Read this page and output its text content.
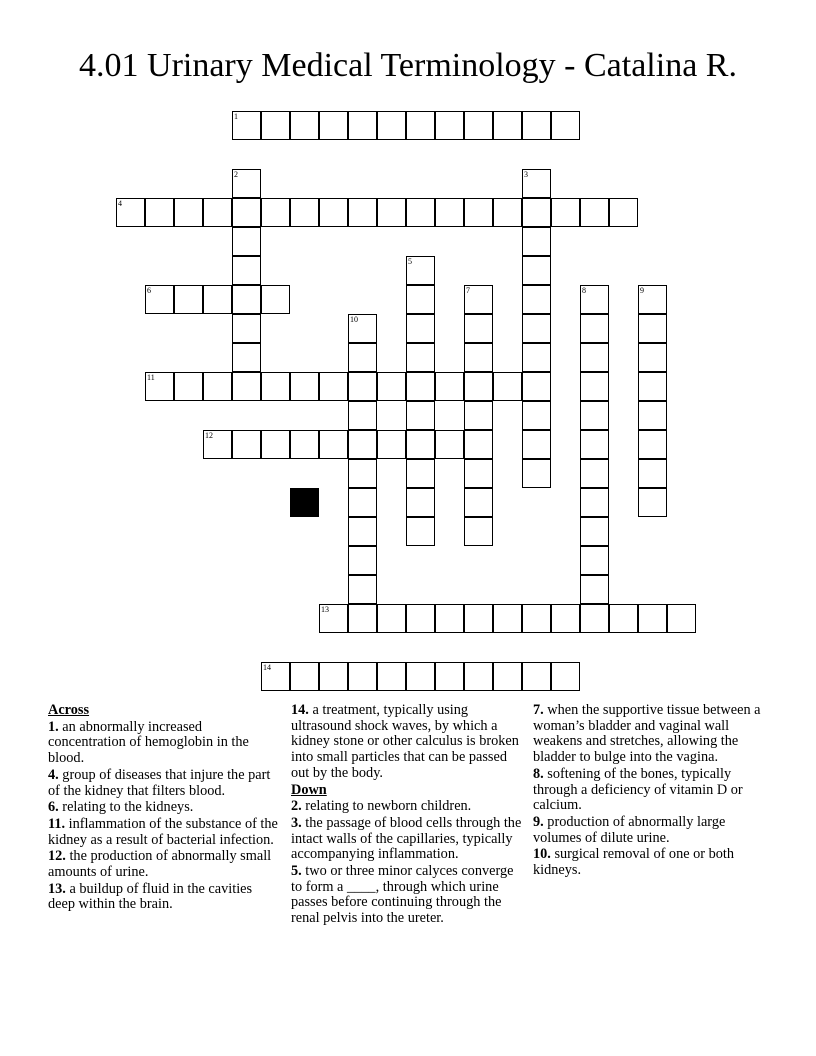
4.01 Urinary Medical Terminology - Catalina R.
1
2	3
4
5
6	7	8	9
10
11
12
13
14
Across
1. an abnormally increased concentration of hemoglobin in the blood.
4. group of diseases that injure the part of the kidney that filters blood.
6. relating to the kidneys.
11. inflammation of the substance of the kidney as a result of bacterial infection.
12. the production of abnormally small amounts of urine.
13. a buildup of fluid in the cavities deep within the brain.
14. a treatment, typically using ultrasound shock waves, by which a kidney stone or other calculus is broken into small particles that can be passed out by the body.
Down
2. relating to newborn children.
3. the passage of blood cells through the intact walls of the capillaries, typically accompanying inflammation.
5. two or three minor calyces converge to form a ____, through which urine passes before continuing through the renal pelvis into the ureter.
7. when the supportive tissue between a woman’s bladder and vaginal wall weakens and stretches, allowing the bladder to bulge into the vagina.
8. softening of the bones, typically through a deficiency of vitamin D or calcium.
9. production of abnormally large volumes of dilute urine.
10. surgical removal of one or both kidneys.
